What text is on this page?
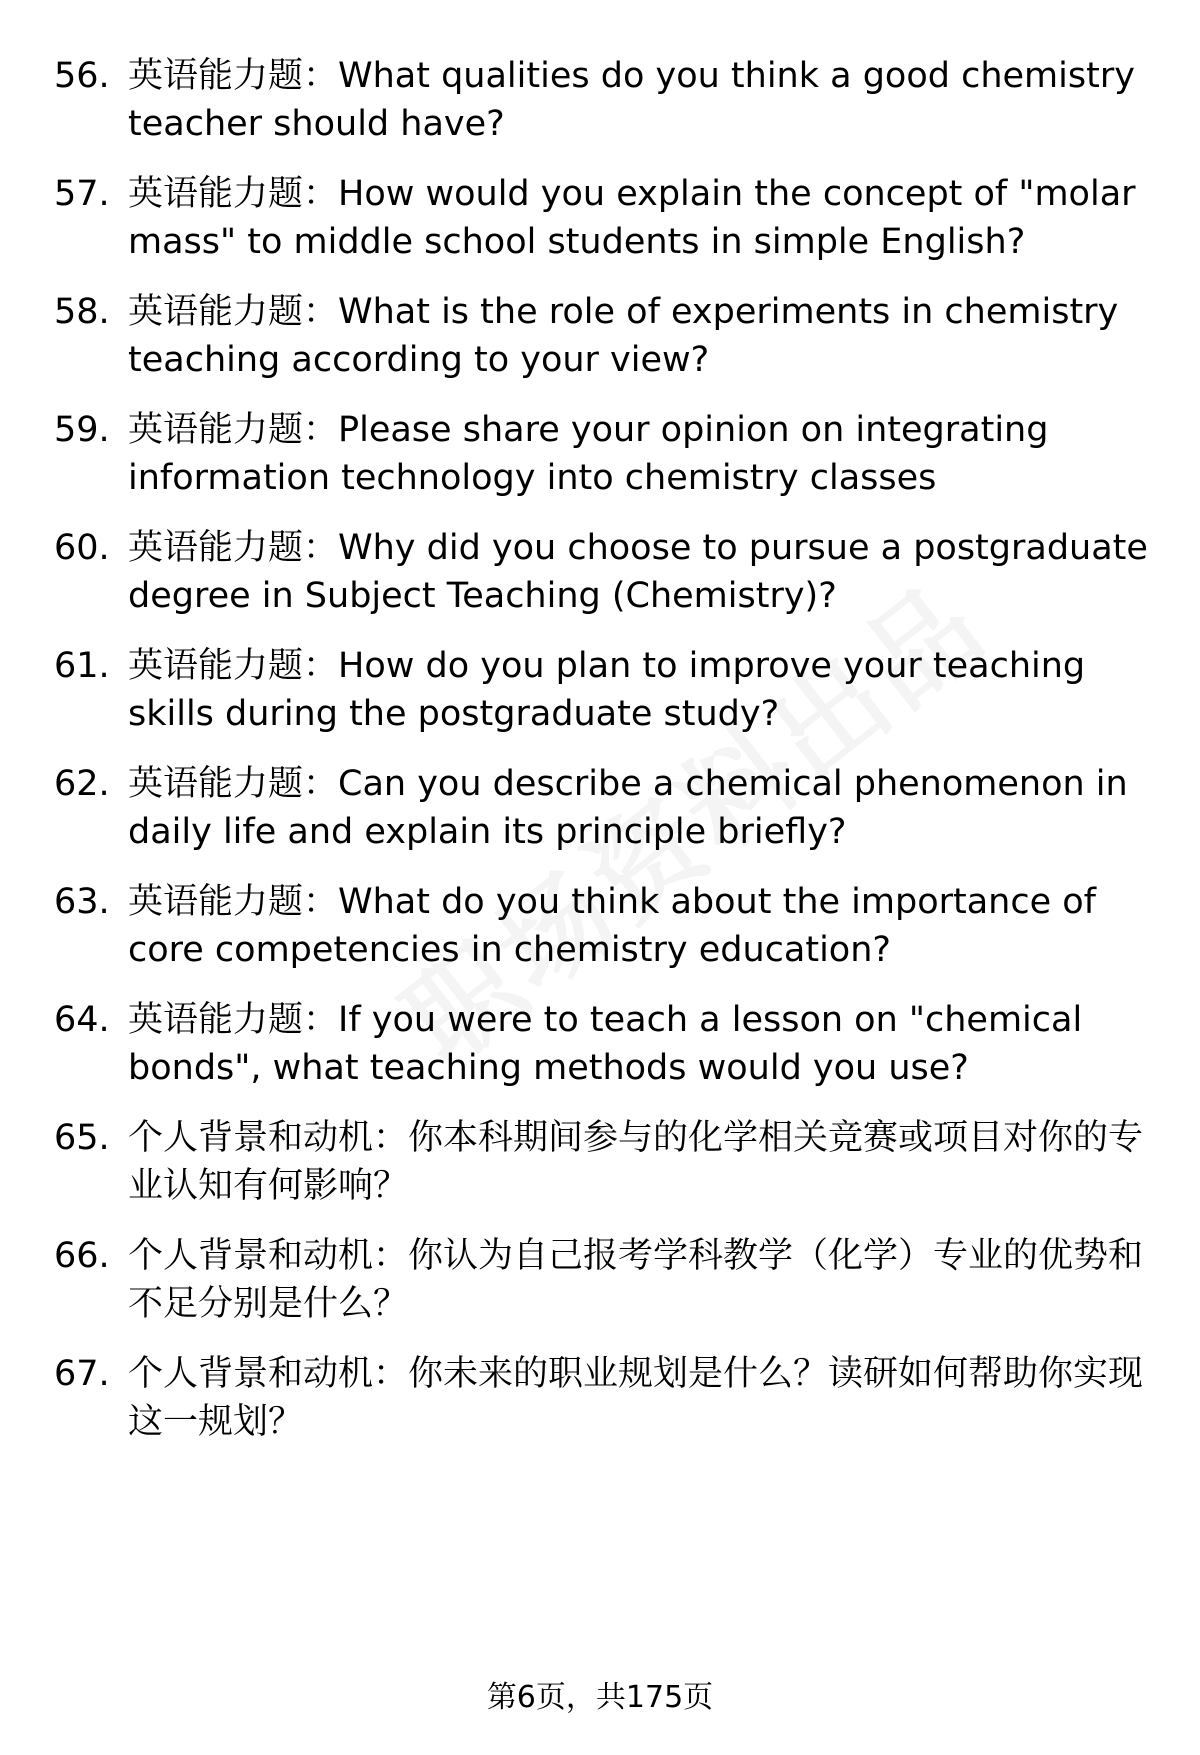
56. 英语能力题：What qualities do you think a good chemistry teacher should have?
57. 英语能力题：How would you explain the concept of "molar mass" to middle school students in simple English?
58. 英语能力题：What is the role of experiments in chemistry teaching according to your view?
59. 英语能力题：Please share your opinion on integrating information technology into chemistry classes
60. 英语能力题：Why did you choose to pursue a postgraduate degree in Subject Teaching (Chemistry)?
61. 英语能力题：How do you plan to improve your teaching skills during the postgraduate study?
62. 英语能力题：Can you describe a chemical phenomenon in daily life and explain its principle briefly?
63. 英语能力题：What do you think about the importance of core competencies in chemistry education?
64. 英语能力题：If you were to teach a lesson on "chemical bonds", what teaching methods would you use?
65. 个人背景和动机：你本科期间参与的化学相关竞赛或项目对你的专业认知有何影响？
66. 个人背景和动机：你认为自己报考学科教学（化学）专业的优势和不足分别是什么？
67. 个人背景和动机：你未来的职业规划是什么？读研如何帮助你实现这一规划？
第6页，共175页
